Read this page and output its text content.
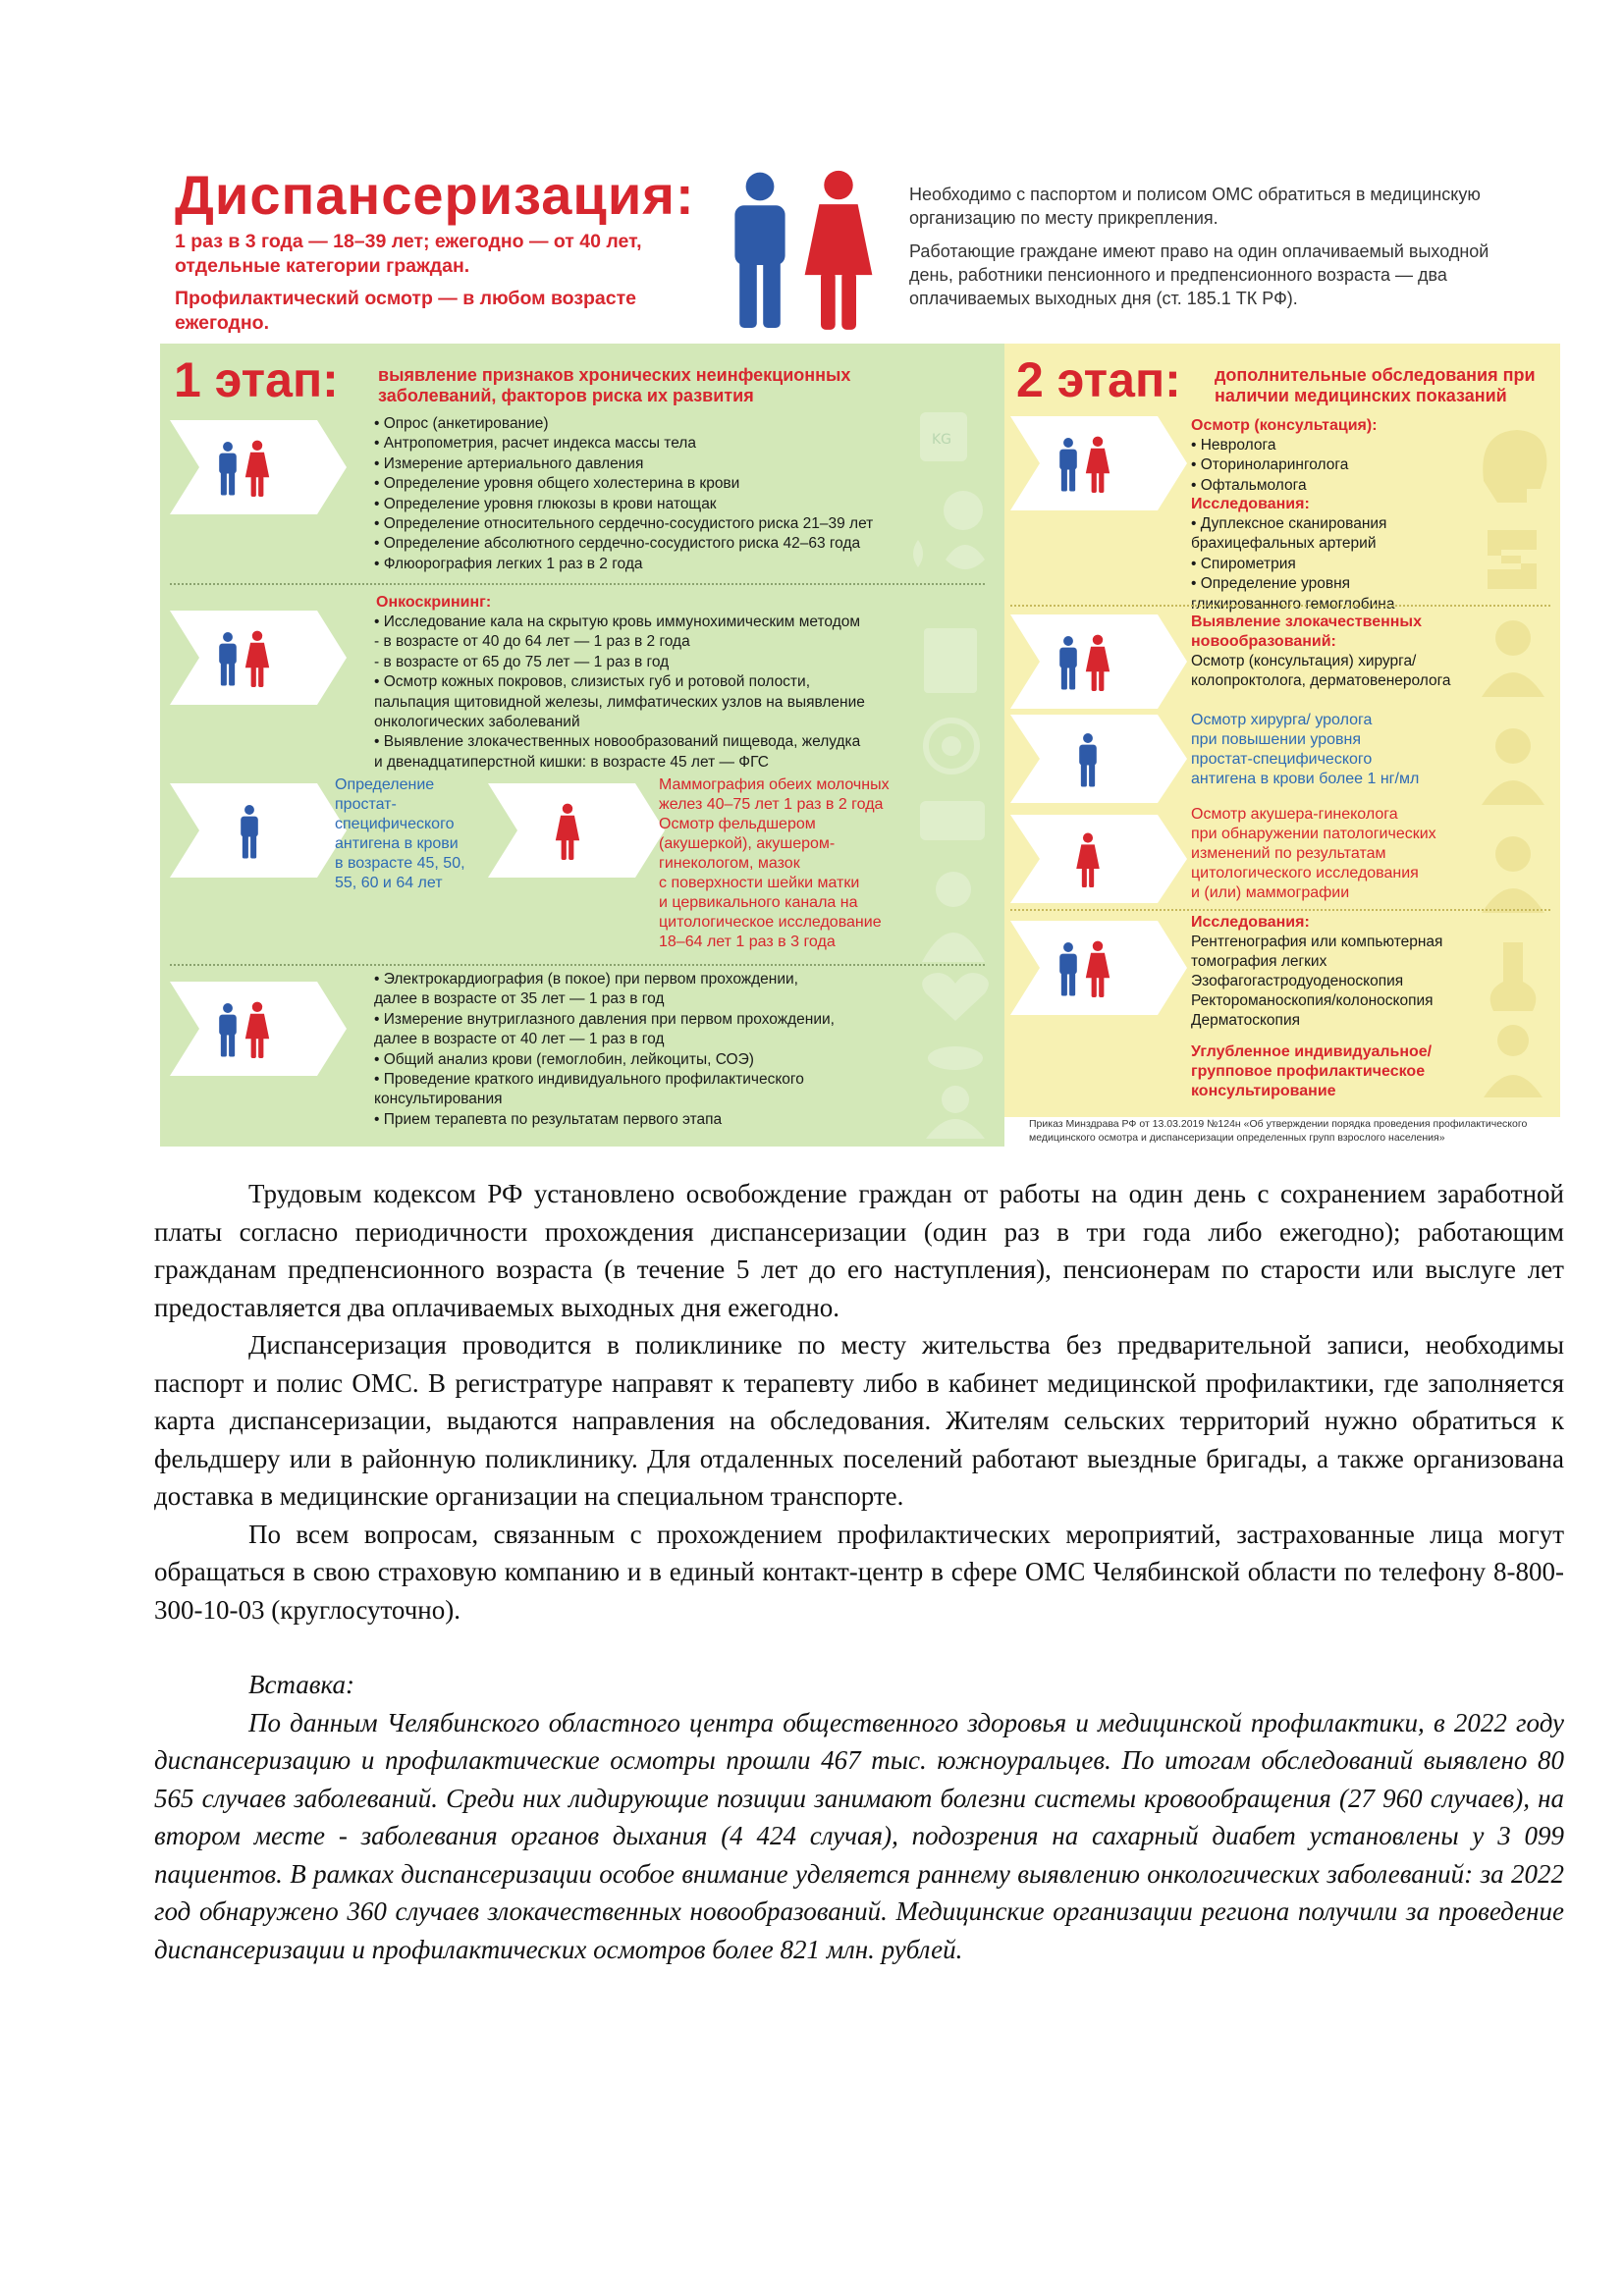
Диспансеризация:
1 раз в 3 года — 18–39 лет; ежегодно — от 40 лет, отдельные категории граждан.
Профилактический осмотр — в любом возрасте ежегодно.
Необходимо с паспортом и полисом ОМС обратиться в медицинскую организацию по месту прикрепления.
Работающие граждане имеют право на один оплачиваемый выходной день, работники пенсионного и предпенсионного возраста — два оплачиваемых выходных дня (ст. 185.1 ТК РФ).
1 этап: выявление признаков хронических неинфекционных заболеваний, факторов риска их развития
• Опрос (анкетирование)
• Антропометрия, расчет индекса массы тела
• Измерение артериального давления
• Определение уровня общего холестерина в крови
• Определение уровня глюкозы в крови натощак
• Определение относительного сердечно-сосудистого риска 21–39 лет
• Определение абсолютного сердечно-сосудистого риска 42–63 года
• Флюорография легких 1 раз в 2 года
KG
Онкоскрининг:
• Исследование кала на скрытую кровь иммунохимическим методом
- в возрасте от 40 до 64 лет — 1 раз в 2 года
- в возрасте от 65 до 75 лет — 1 раз в год
• Осмотр кожных покровов, слизистых губ и ротовой полости,
пальпация щитовидной железы, лимфатических узлов на выявление
онкологических заболеваний
• Выявление злокачественных новообразований пищевода, желудка
и двенадцатиперстной кишки: в возрасте 45 лет — ФГС
Определение
простат-
специфического
антигена в крови
в возрасте 45, 50,
55, 60 и 64 лет
Маммография обеих молочных
желез 40–75 лет 1 раз в 2 года
Осмотр фельдшером
(акушеркой), акушером-
гинекологом, мазок
с поверхности шейки матки
и цервикального канала на
цитологическое исследование
18–64 лет 1 раз в 3 года
• Электрокардиография (в покое) при первом прохождении,
далее в возрасте от 35 лет — 1 раз в год
• Измерение внутриглазного давления при первом прохождении,
далее в возрасте от 40 лет — 1 раз в год
• Общий анализ крови (гемоглобин, лейкоциты, СОЭ)
• Проведение краткого индивидуального профилактического
консультирования
• Прием терапевта по результатам первого этапа
2 этап: дополнительные обследования при наличии медицинских показаний
Осмотр (консультация):
• Невролога
• Оториноларинголога
• Офтальмолога
Исследования:
• Дуплексное сканирования
брахицефальных артерий
• Спирометрия
• Определение уровня
гликированного гемоглобина
Выявление злокачественных
новообразований:
Осмотр (консультация) хирурга/
колопроктолога, дерматовенеролога
Осмотр хирурга/ уролога
при повышении уровня
простат-специфического
антигена в крови более 1 нг/мл
Осмотр акушера-гинеколога
при обнаружении патологических
изменений по результатам
цитологического исследования
и (или) маммографии
Исследования:
Рентгенография или компьютерная
томография легких
Эзофагогастродуоденоскопия
Ректороманоскопия/колоноскопия
Дерматоскопия
Углубленное индивидуальное/
групповое профилактическое
консультирование
Приказ Минздрава РФ от 13.03.2019 №124н «Об утверждении порядка проведения профилактического медицинского осмотра и диспансеризации определенных групп взрослого населения»

Трудовым кодексом РФ установлено освобождение граждан от работы на один день с сохранением заработной платы согласно периодичности прохождения диспансеризации (один раз в три года либо ежегодно); работающим гражданам предпенсионного возраста (в течение 5 лет до его наступления), пенсионерам по старости или выслуге лет предоставляется два оплачиваемых выходных дня ежегодно.

Диспансеризация проводится в поликлинике по месту жительства без предварительной записи, необходимы паспорт и полис ОМС. В регистратуре направят к терапевту либо в кабинет медицинской профилактики, где заполняется карта диспансеризации, выдаются направления на обследования. Жителям сельских территорий нужно обратиться к фельдшеру или в районную поликлинику. Для отдаленных поселений работают выездные бригады, а также организована доставка в медицинские организации на специальном транспорте.

По всем вопросам, связанным с прохождением профилактических мероприятий, застрахованные лица могут обращаться в свою страховую компанию и в единый контакт-центр в сфере ОМС Челябинской области по телефону 8-800-300-10-03 (круглосуточно).

Вставка:

По данным Челябинского областного центра общественного здоровья и медицинской профилактики, в 2022 году диспансеризацию и профилактические осмотры прошли 467 тыс. южноуральцев. По итогам обследований выявлено 80 565 случаев заболеваний. Среди них лидирующие позиции занимают болезни системы кровообращения (27 960 случаев), на втором месте - заболевания органов дыхания (4 424 случая), подозрения на сахарный диабет установлены у 3 099 пациентов. В рамках диспансеризации особое внимание уделяется раннему выявлению онкологических заболеваний: за 2022 год обнаружено 360 случаев злокачественных новообразований. Медицинские организации региона получили за проведение диспансеризации и профилактических осмотров более 821 млн. рублей.
